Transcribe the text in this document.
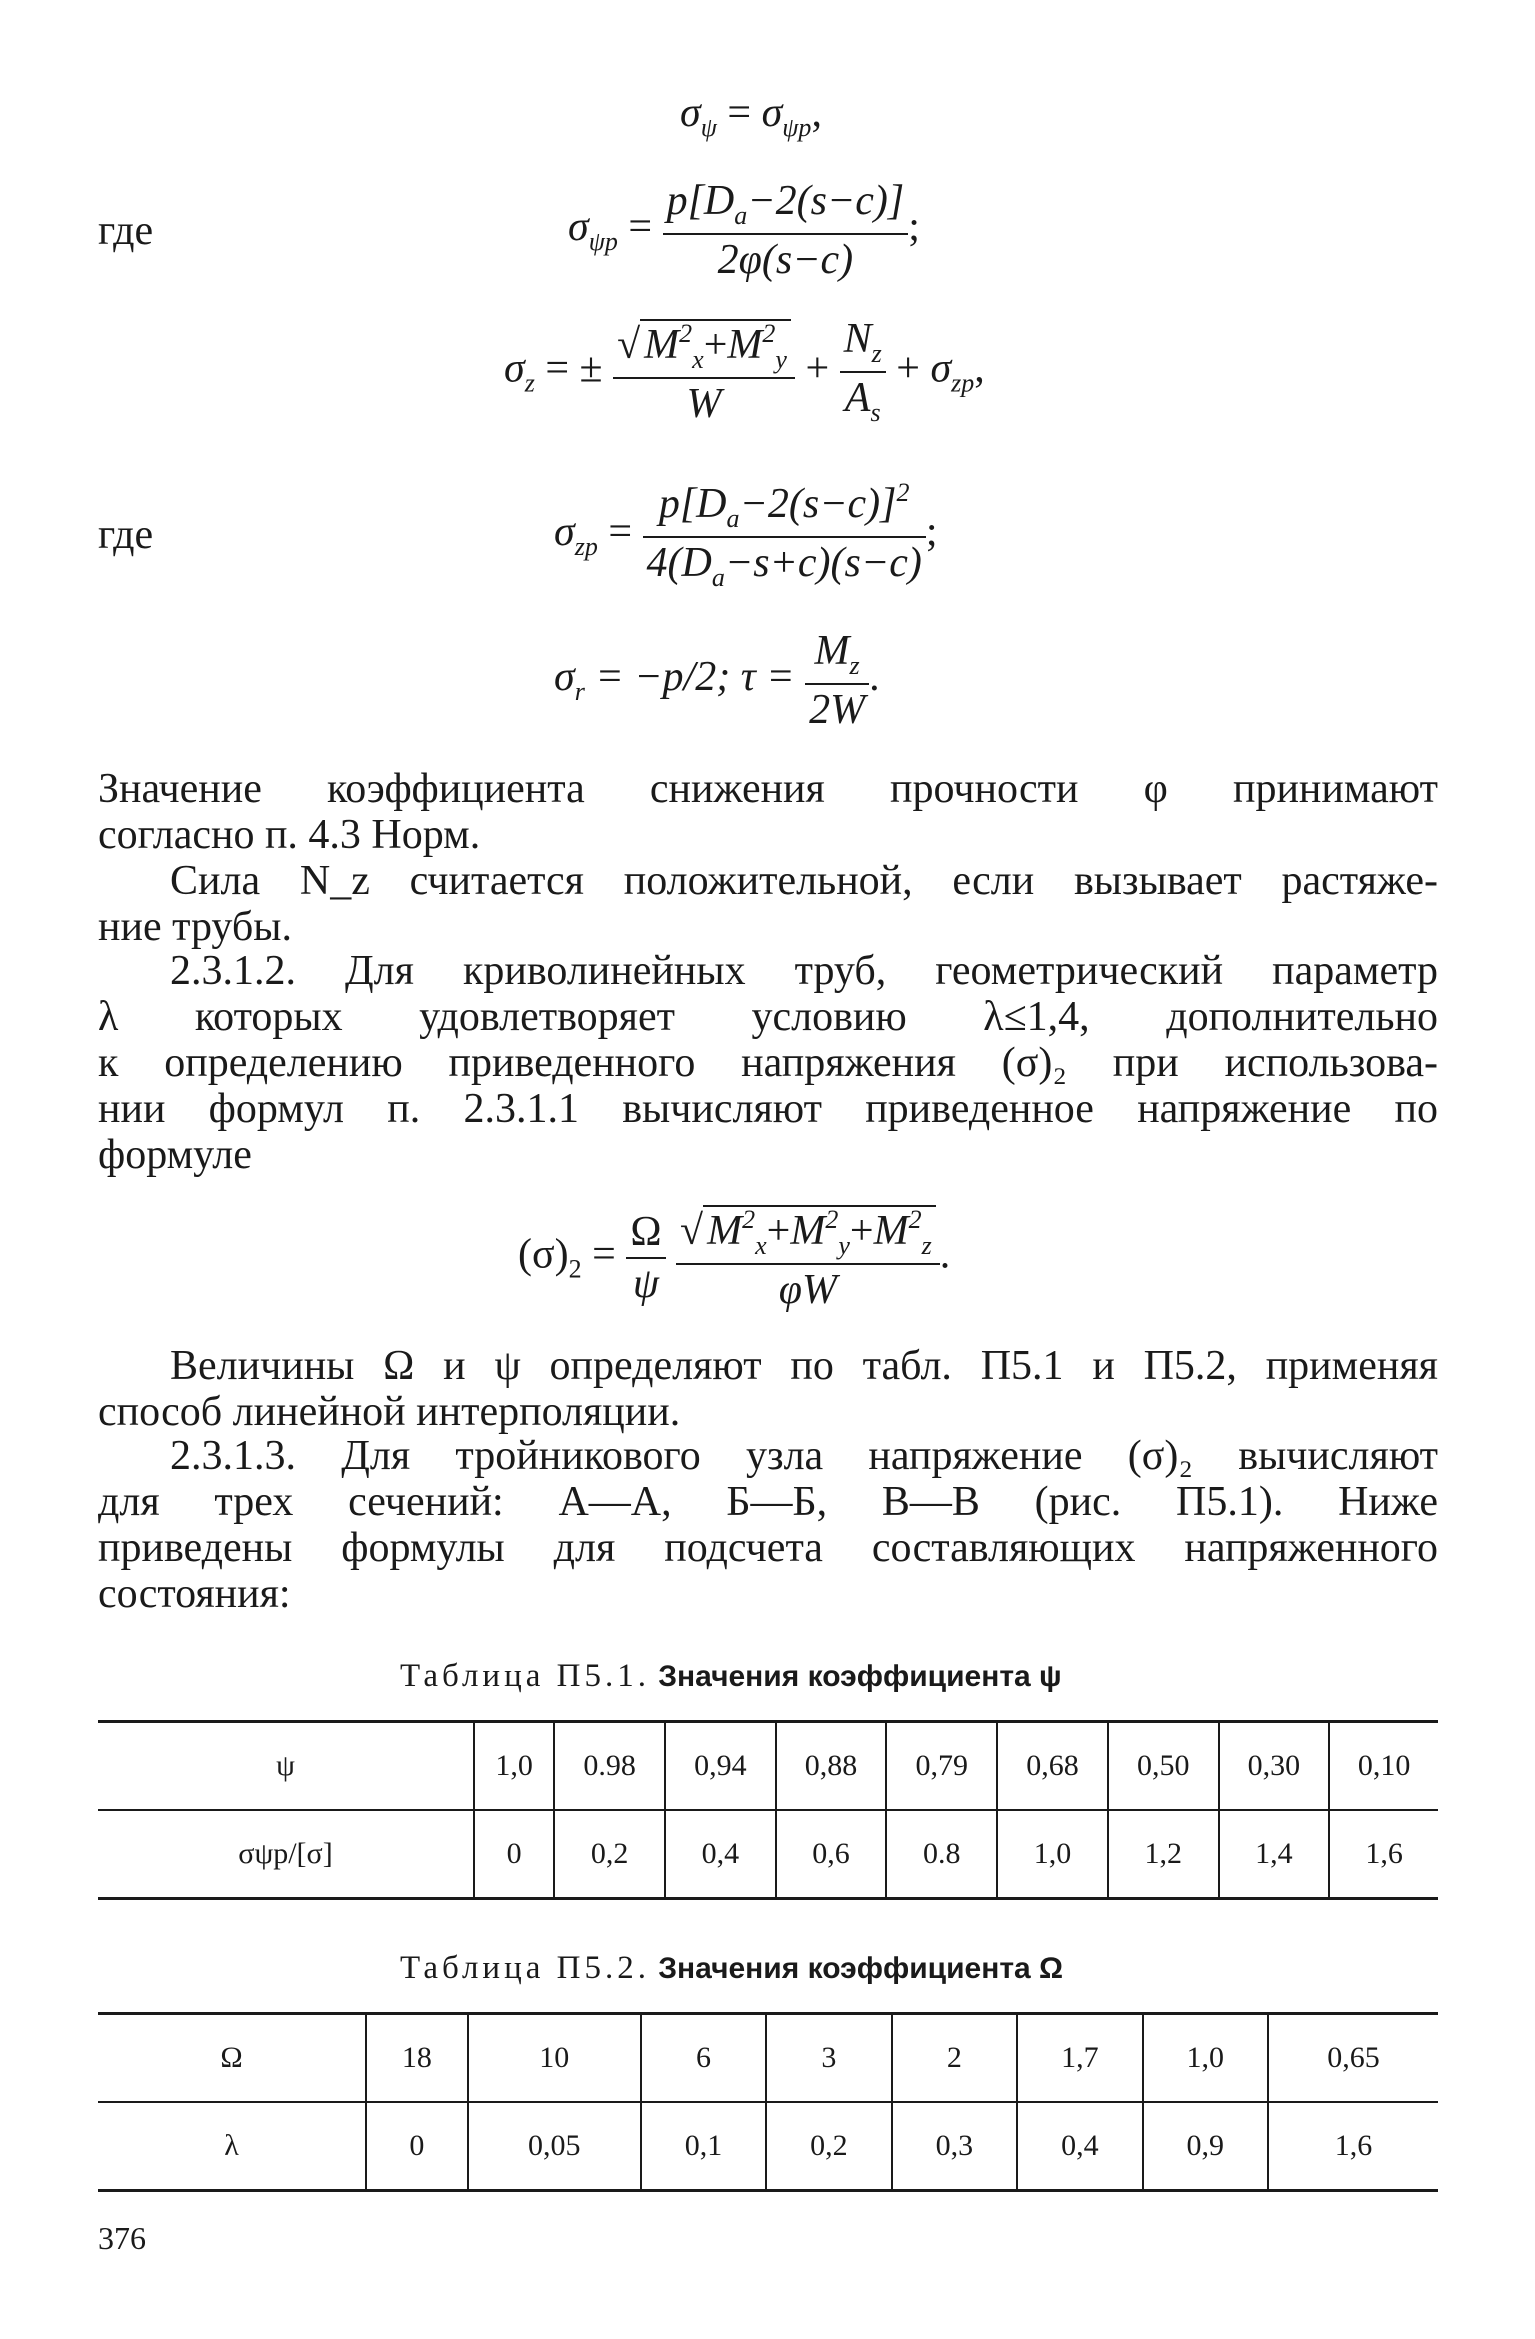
$\sigma_\psi = \sigma_{\psi p}$,
где	$\sigma_{\psi p} = \frac{p[D_a-2(s-c)]}{2\varphi(s-c)}$ ;
$\sigma_z$ = ± $\frac{√M^2_x+M^2_y}{W} + \frac{N_z}{A_s} + \sigma_{zp}$,
где	$\sigma_{zp} = \frac{p[D_a-2(s-c)]^2}{4(D_a-s+c)(s-c)}$ ;
$\sigma_r = -p/2$; $\tau = \frac{M_z}{2W}$ .
Значение коэффициента снижения прочности φ принимают
согласно п. 4.3 Норм.
Сила N_z считается положительной, если вызывает растяже-
ние трубы.
2.3.1.2. Для криволинейных труб, геометрический параметр
λ которых удовлетворяет условию λ≤1,4, дополнительно
к определению приведенного напряжения (σ)₂ при использова-
нии формул п. 2.3.1.1 вычисляют приведенное напряжение по
формуле
$(\sigma)_2 = \frac{\Omega}{\psi}$
$\frac{√M^2_x+M^2_y+M^2_z}{\varphi W}$ .
Величины Ω и ψ определяют по табл. П5.1 и П5.2, применяя
способ линейной интерполяции.
2.3.1.3. Для тройникового узла напряжение (σ)₂ вычисляют
для трех сечений: А—А, Б—Б, В—В (рис. П5.1). Ниже
приведены формулы для подсчета составляющих напряженного
состояния:
Таблица П5.1. Значения коэффициента ψ
ψ	1,0	0.98	0,94	0,88	0,79	0,68	0,50	0,30	0,10
σψp/[σ]	0	0,2	0,4	0,6	0.8	1,0	1,2	1,4	1,6
Таблица П5.2. Значения коэффициента Ω
Ω	18	10	6	3	2	1,7	1,0	0,65
λ	0	0,05	0,1	0,2	0,3	0,4	0,9	1,6
376
